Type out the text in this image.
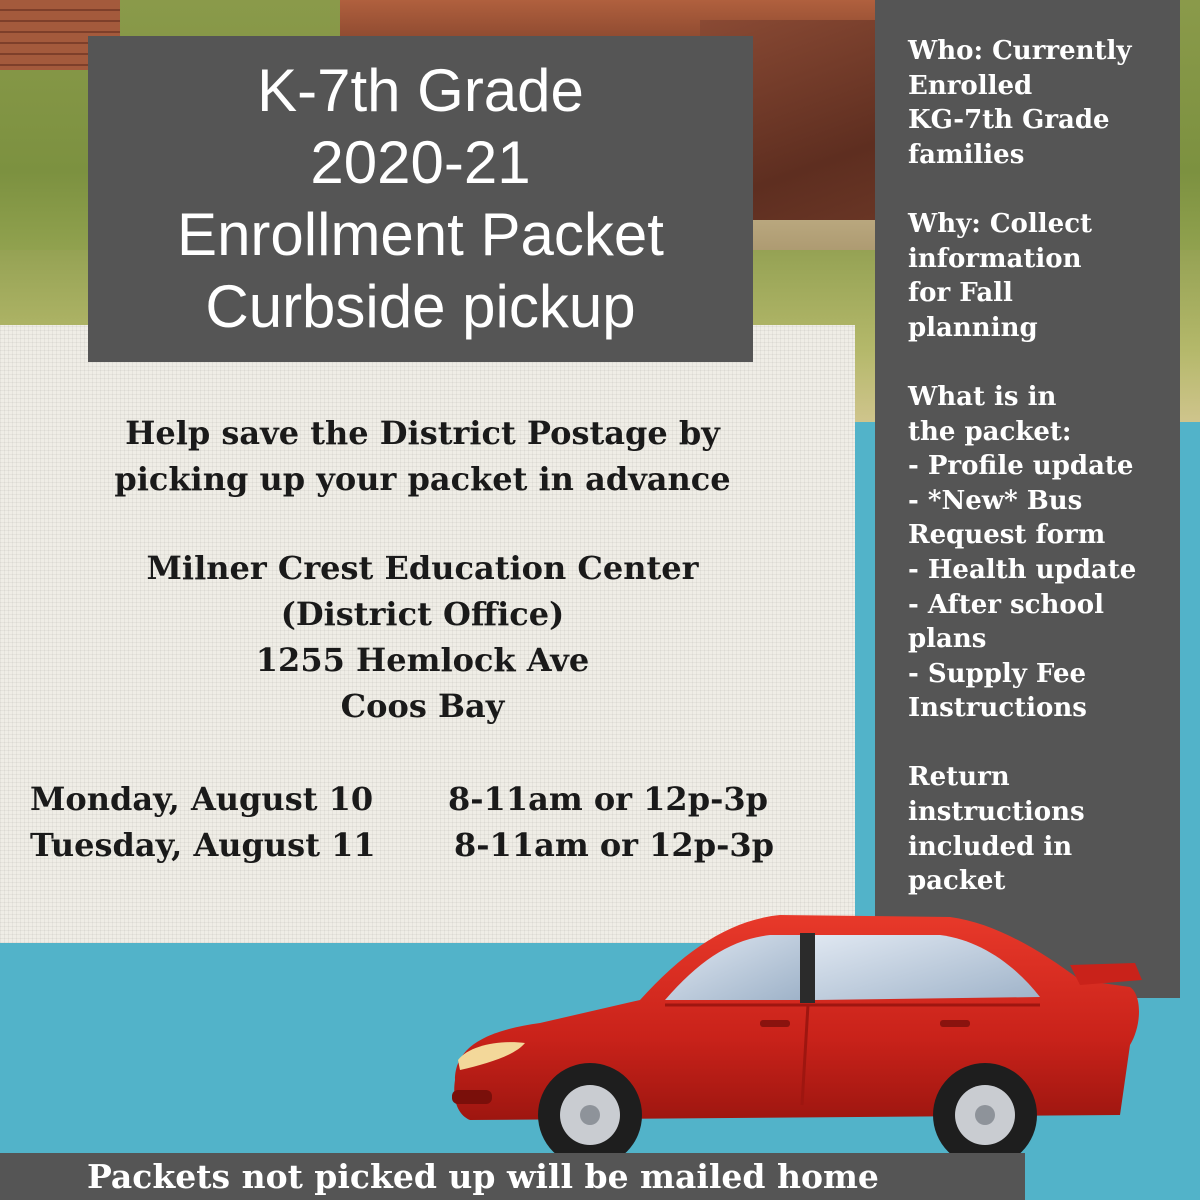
K-7th Grade
2020-21
Enrollment Packet
Curbside pickup
Help save the District Postage by
picking up your packet in advance
Milner Crest Education Center
(District Office)
1255 Hemlock Ave
Coos Bay
Monday, August 10	8-11am or 12p-3p
Tuesday, August 11	8-11am or 12p-3p
Who: Currently
Enrolled
KG-7th Grade
families
Why: Collect
information
for Fall
planning
What is in
the packet:
- Profile update
- *New* Bus
Request form
- Health update
- After school
plans
- Supply Fee
Instructions
Return
instructions
included in
packet
Packets not picked up will be mailed home
